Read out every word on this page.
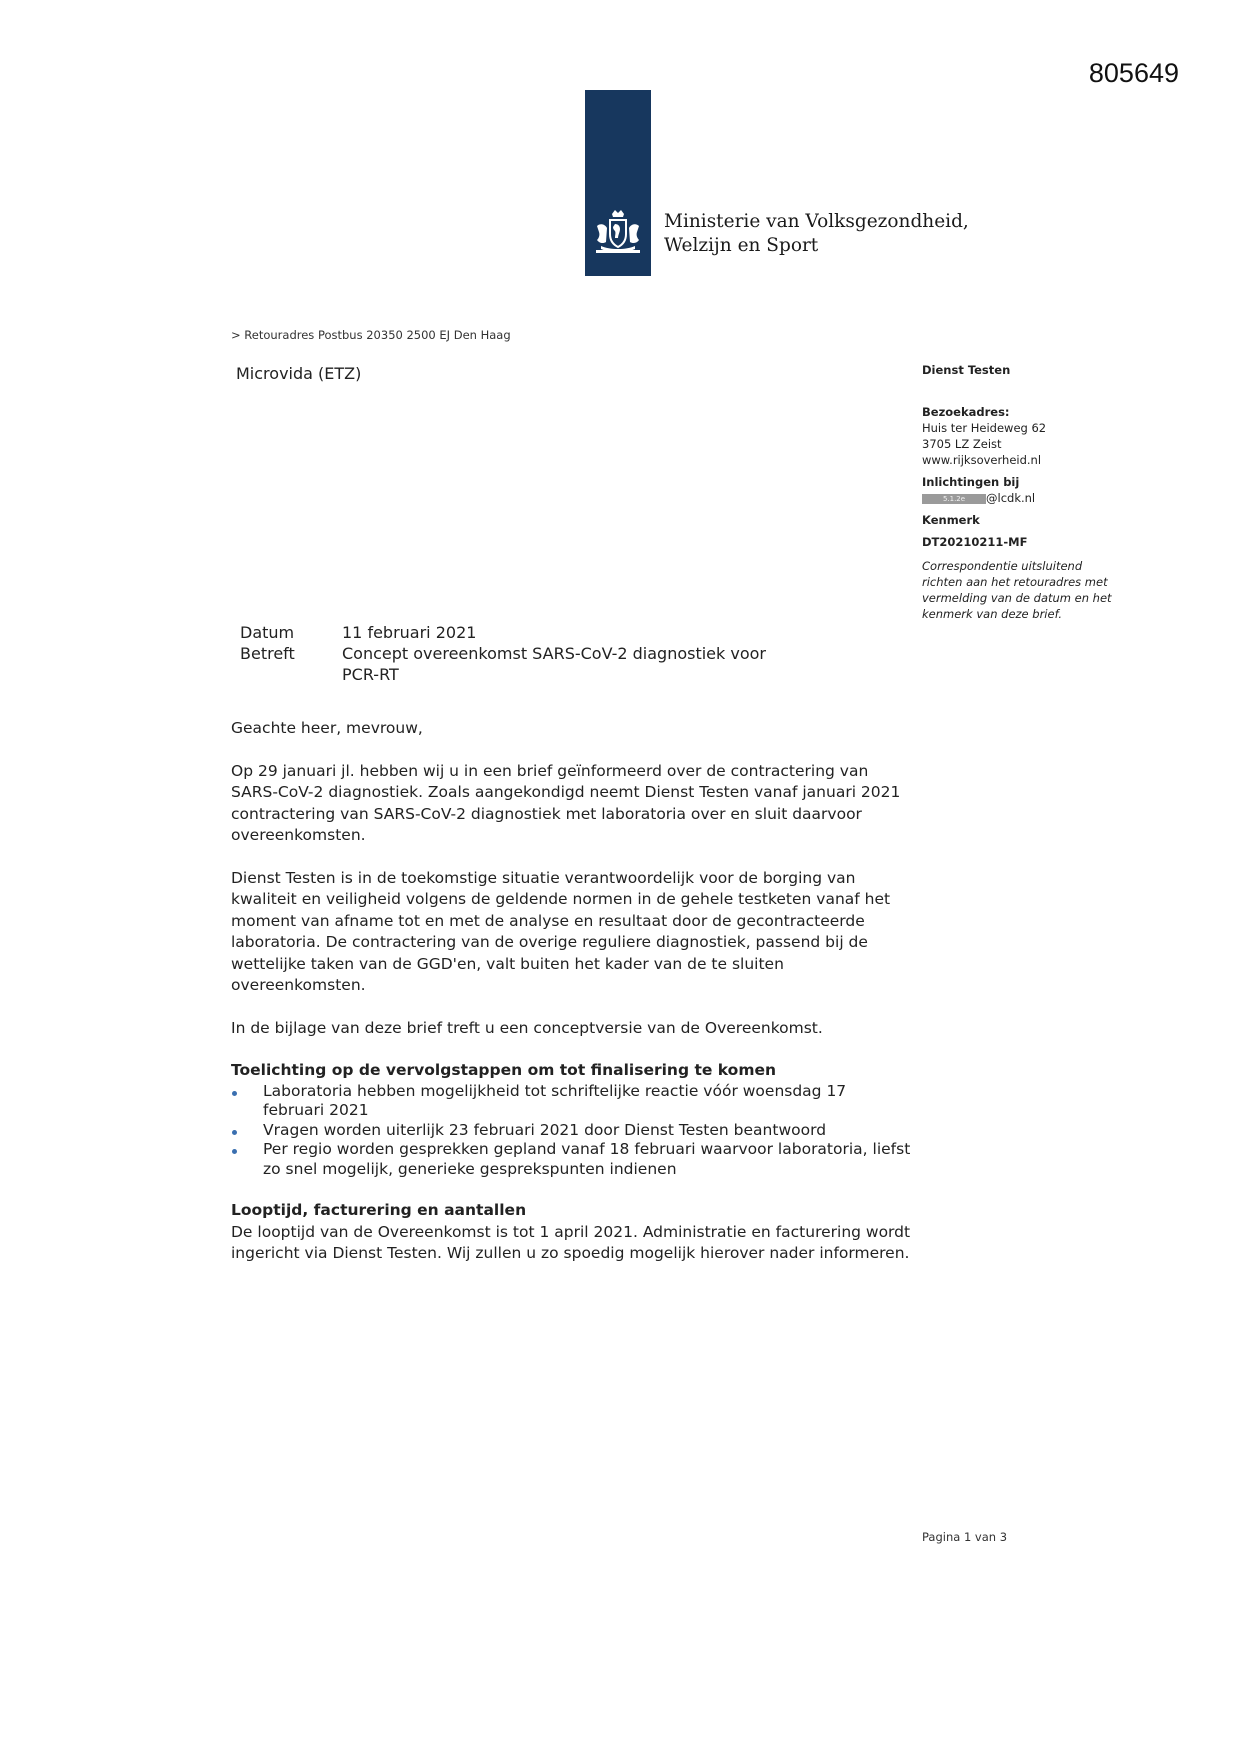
805649
Ministerie van Volksgezondheid,
Welzijn en Sport
> Retouradres Postbus 20350 2500 EJ Den Haag
Microvida (ETZ)	Dienst Testen
Bezoekadres:
Huis ter Heideweg 62
3705 LZ Zeist
www.rijksoverheid.nl
Inlichtingen bij
5.1.2e @lcdk.nl
Kenmerk
DT20210211-MF
Correspondentie uitsluitend richten aan het retouradres met vermelding van de datum en het kenmerk van deze brief.
Datum	11 februari 2021
Betreft	Concept overeenkomst SARS-CoV-2 diagnostiek voor PCR-RT

Geachte heer, mevrouw,

Op 29 januari jl. hebben wij u in een brief geïnformeerd over de contractering van SARS-CoV-2 diagnostiek. Zoals aangekondigd neemt Dienst Testen vanaf januari 2021 contractering van SARS-CoV-2 diagnostiek met laboratoria over en sluit daarvoor overeenkomsten.

Dienst Testen is in de toekomstige situatie verantwoordelijk voor de borging van kwaliteit en veiligheid volgens de geldende normen in de gehele testketen vanaf het moment van afname tot en met de analyse en resultaat door de gecontracteerde laboratoria. De contractering van de overige reguliere diagnostiek, passend bij de wettelijke taken van de GGD'en, valt buiten het kader van de te sluiten overeenkomsten.

In de bijlage van deze brief treft u een conceptversie van de Overeenkomst.

Toelichting op de vervolgstappen om tot finalisering te komen

Laboratoria hebben mogelijkheid tot schriftelijke reactie vóór woensdag 17 februari 2021
Vragen worden uiterlijk 23 februari 2021 door Dienst Testen beantwoord
Per regio worden gesprekken gepland vanaf 18 februari waarvoor laboratoria, liefst zo snel mogelijk, generieke gesprekspunten indienen

Looptijd, facturering en aantallen

De looptijd van de Overeenkomst is tot 1 april 2021. Administratie en facturering wordt ingericht via Dienst Testen. Wij zullen u zo spoedig mogelijk hierover nader informeren.

Pagina 1 van 3
